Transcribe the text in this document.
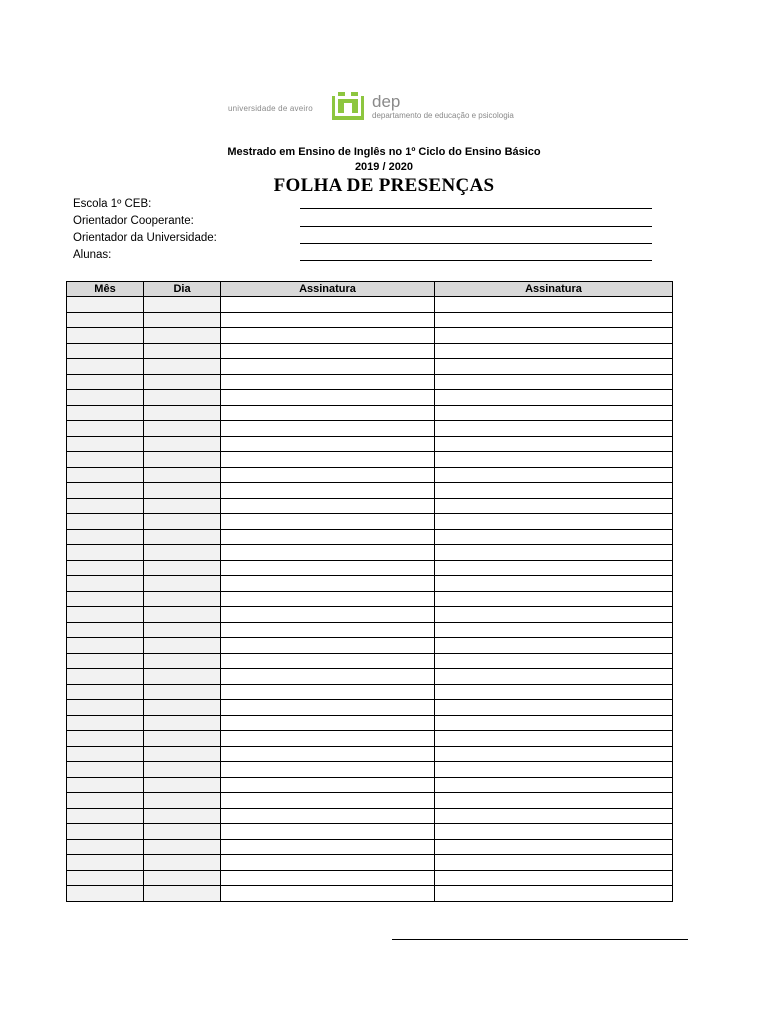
universidade de aveiro	dep
departamento de educação e psicologia
Mestrado em Ensino de Inglês no 1º Ciclo do Ensino Básico
2019 / 2020
FOLHA DE PRESENÇAS
Escola 1º CEB:
Orientador Cooperante:
Orientador da Universidade:
Alunas:
Mês	Dia	Assinatura	Assinatura
